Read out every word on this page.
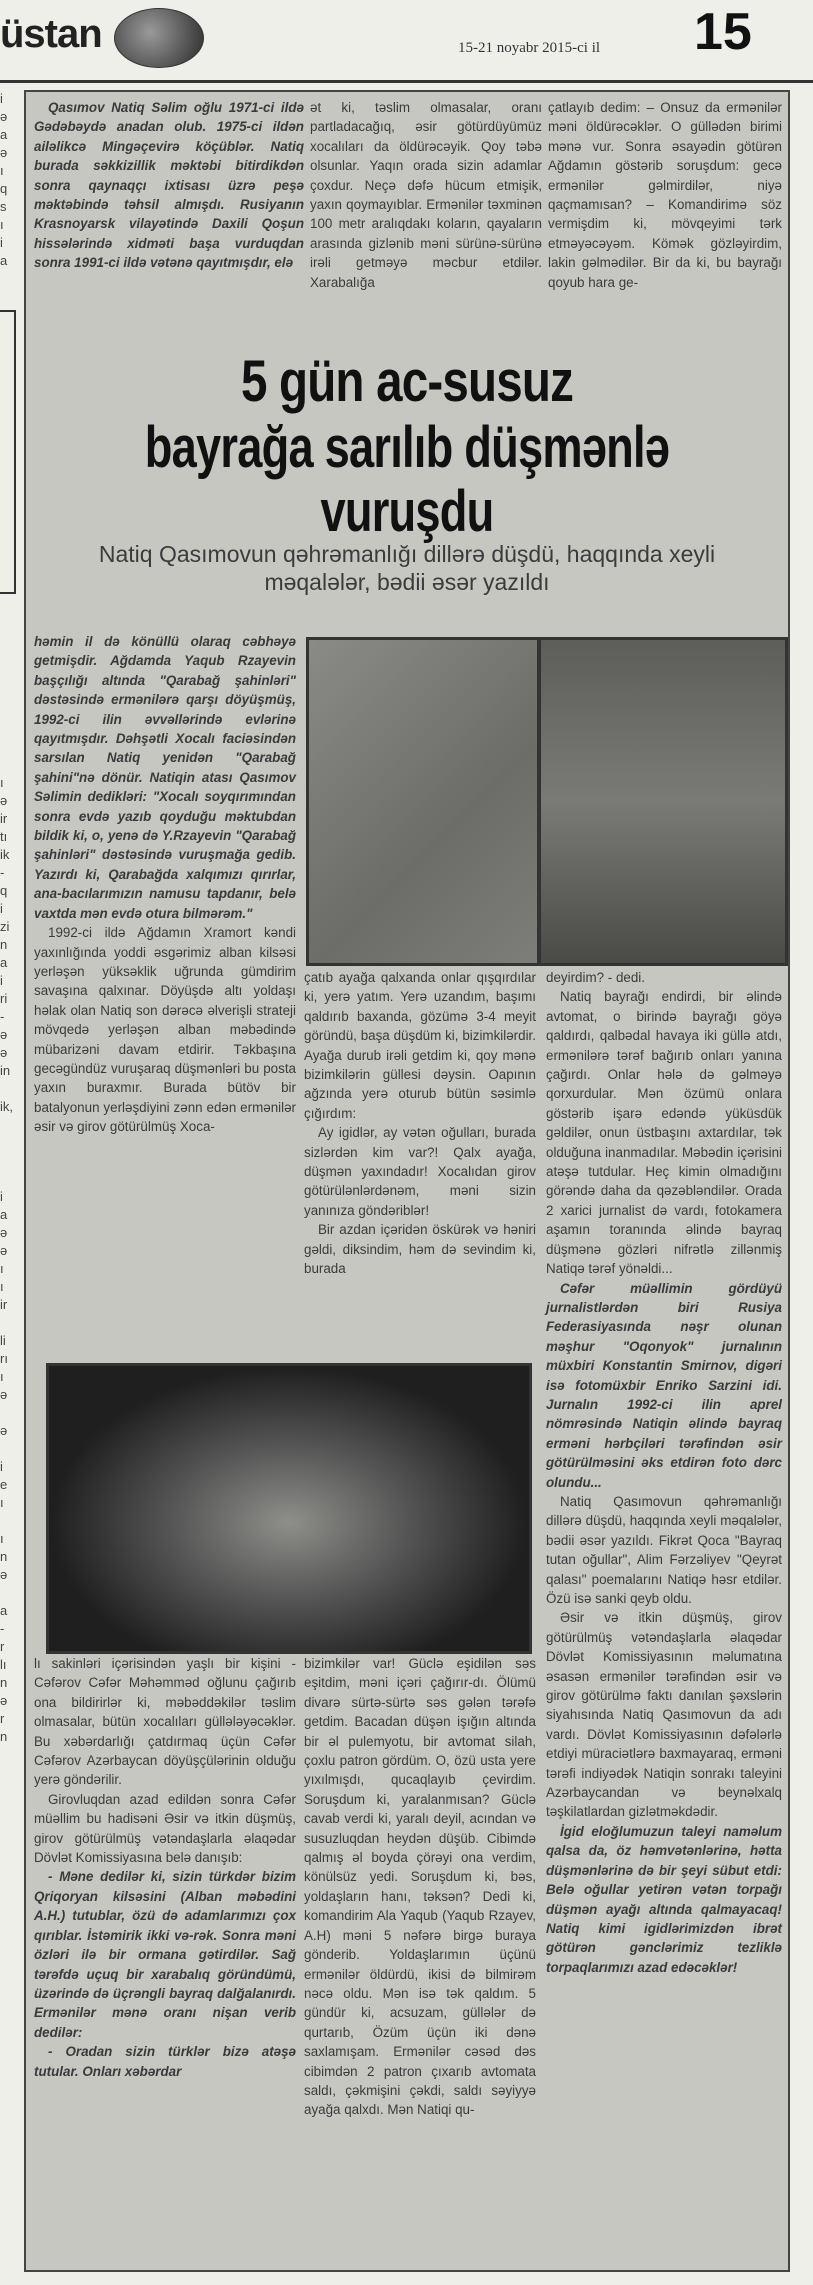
üstan	15-21 noyabr 2015-ci il 15
i
ə
a
ə
ı
q
s
ı
i
a

ı
ə
ir
tı
ik
-
q
i
zi
n
a
i
ri
-
ə
ə
in

ik,

i
a
ə
ə
ı
ı
ir

li
rı
ı
ə

ə

i
e
ı

ı
n
ə

a
-
r
lı
n
ə
r
n

Qasımov Natiq Səlim oğlu 1971-ci ildə Gədəbəydə anadan olub. 1975-ci ildən ailəlikcə Mingəçevirə köçüblər. Natiq burada səkkizillik məktəbi bitirdikdən sonra qaynaqçı ixtisası üzrə peşə məktəbində təhsil almışdı. Rusiyanın Krasnoyarsk vilayətində Daxili Qoşun hissələrində xidməti başa vurduqdan sonra 1991-ci ildə vətənə qayıtmışdır, elə

ət ki, təslim olmasalar, oranı partladacağıq, əsir götürdüyümüz xocalıları da öldürəcəyik. Qoy təbə olsunlar. Yaqın orada sizin adamlar çoxdur. Neçə dəfə hücum etmişik, yaxın qoymayıblar. Ermənilər təxminən 100 metr aralıqdakı koların, qayaların arasında gizlənib məni sürünə-sürünə irəli getməyə məcbur etdilər. Xarabalığa

çatlayıb dedim: – Onsuz da ermənilər məni öldürəcəklər. O güllədən birimi mənə vur. Sonra əsayədin götürən Ağdamın göstərib soruşdum: gecə ermənilər gəlmirdilər, niyə qaçmamısan? – Komandirimə söz vermişdim ki, mövqeyimi tərk etməyəcəyəm. Kömək gözləyirdim, lakin gəlmədilər. Bir da ki, bu bayrağı qoyub hara ge-

5 gün ac-susuz
bayrağa sarılıb düşmənlə vuruşdu
Natiq Qasımovun qəhrəmanlığı dillərə düşdü, haqqında xeyli məqalələr, bədii əsər yazıldı

həmin il də könüllü olaraq cəbhəyə getmişdir. Ağdamda Yaqub Rzayevin başçılığı altında "Qarabağ şahinləri" dəstəsində ermənilərə qarşı döyüşmüş, 1992-ci ilin əvvəllərində evlərinə qayıtmışdır. Dəhşətli Xocalı faciəsindən sarsılan Natiq yenidən "Qarabağ şahini"nə dönür. Natiqin atası Qasımov Səlimin dedikləri: "Xocalı soyqırımından sonra evdə yazıb qoyduğu məktubdan bildik ki, o, yenə də Y.Rzayevin "Qarabağ şahinləri" dəstəsində vuruşmağa gedib. Yazırdı ki, Qarabağda xalqımızı qırırlar, ana-bacılarımızın namusu tapdanır, belə vaxtda mən evdə otura bilmərəm."

1992-ci ildə Ağdamın Xramort kəndi yaxınlığında yoddi əsgərimiz alban kilsəsi yerləşən yüksəklik uğrunda gümdirim savaşına qalxınar. Döyüşdə altı yoldaşı həlak olan Natiq son dərəcə əlverişli strateji mövqedə yerləşən alban məbədində mübarizəni davam etdirir. Təkbaşına gecəgündüz vuruşaraq düşmənləri bu posta yaxın buraxmır. Burada bütöv bir batalyonun yerləşdiyini zənn edən ermənilər əsir və girov götürülmüş Xoca-

çatıb ayağa qalxanda onlar qışqırdılar ki, yerə yatım. Yerə uzandım, başımı qaldırıb baxanda, gözümə 3-4 meyit göründü, başa düşdüm ki, bizimkilərdir. Ayağa durub irəli getdim ki, qoy mənə bizimkilərin güllesi dəysin. Oapının ağzında yerə oturub bütün səsimlə çığırdım:

Ay igidlər, ay vətən oğulları, burada sizlərdən kim var?! Qalx ayağa, düşmən yaxındadır! Xocalıdan girov götürülənlərdənəm, məni sizin yanınıza göndəriblər!

Bir azdan içəridən öskürək və həniri gəldi, diksindim, həm də sevindim ki, burada

deyirdim? - dedi.

Natiq bayrağı endirdi, bir əlində avtomat, o birində bayrağı göyə qaldırdı, qalbədal havaya iki güllə atdı, ermənilərə tərəf bağırıb onları yanına çağırdı. Onlar hələ də gəlməyə qorxurdular. Mən özümü onlara göstərib işarə edəndə yüküsdük gəldilər, onun üstbaşını axtardılar, tək olduğuna inanmadılar. Məbədin içərisini atəşə tutdular. Heç kimin olmadığını görəndə daha da qəzəbləndilər. Orada 2 xarici jurnalist də vardı, fotokamera aşamın toranında əlində bayraq düşmənə gözləri nifrətlə zillənmiş Natiqə tərəf yönəldi...

Cəfər müəllimin gördüyü jurnalistlərdən biri Rusiya Federasiyasında nəşr olunan məşhur "Oqonyok" jurnalının müxbiri Konstantin Smirnov, digəri isə fotomüxbir Enriko Sarzini idi. Jurnalın 1992-ci ilin aprel nömrəsində Natiqin əlində bayraq erməni hərbçiləri tərəfindən əsir götürülməsini əks etdirən foto dərc olundu...

Natiq Qasımovun qəhrəmanlığı dillərə düşdü, haqqında xeyli məqalələr, bədii əsər yazıldı. Fikrət Qoca "Bayraq tutan oğullar", Alim Fərzəliyev "Qeyrət qalası" poemalarını Natiqə həsr etdilər. Özü isə sanki qeyb oldu.

Əsir və itkin düşmüş, girov götürülmüş vətəndaşlarla əlaqədar Dövlət Komissiyasının məlumatına əsasən ermənilər tərəfindən əsir və girov götürülmə faktı danılan şəxslərin siyahısında Natiq Qasımovun da adı vardı. Dövlət Komissiyasının dəfələrlə etdiyi müraciətlərə baxmayaraq, erməni tərəfi indiyədək Natiqin sonrakı taleyini Azərbaycandan və beynəlxalq təşkilatlardan gizlətməkdədir.

İgid eloğlumuzun taleyi naməlum qalsa da, öz həmvətənlərinə, hətta düşmənlərinə də bir şeyi sübut etdi: Belə oğullar yetirən vətən torpağı düşmən ayağı altında qalmayacaq! Natiq kimi igidlərimizdən ibrət götürən gənclərimiz tezliklə torpaqlarımızı azad edəcəklər!

lı sakinləri içərisindən yaşlı bir kişini - Cəfərov Cəfər Məhəmməd oğlunu çağırıb ona bildirirlər ki, məbəddəkilər təslim olmasalar, bütün xocalıları güllələyəcəklər. Bu xəbərdarlığı çatdırmaq üçün Cəfər Cəfərov Azərbaycan döyüşçülərinin olduğu yerə göndərilir.

Girovluqdan azad edildən sonra Cəfər müəllim bu hadisəni Əsir və itkin düşmüş, girov götürülmüş vətəndaşlarla əlaqədar Dövlət Komissiyasına belə danışıb:

- Məne dedilər ki, sizin türkdər bizim Qriqoryan kilsəsini (Alban məbədini A.H.) tutublar, özü də adamlarımızı çox qırıblar. İstəmirik ikki və-rək. Sonra məni özləri ilə bir ormana gətirdilər. Sağ tərəfdə uçuq bir xarabalıq göründümü, üzərində də üçrəngli bayraq dalğalanırdı. Ermənilər mənə oranı nişan verib dedilər:

- Oradan sizin türklər bizə atəşə tutular. Onları xəbərdar

bizimkilər var! Güclə eşidilən səs eşitdim, məni içəri çağırır-dı. Ölümü divarə sürtə-sürtə səs gələn tərəfə getdim. Bacadan düşən işığın altında bir əl pulemyotu, bir avtomat silah, çoxlu patron gördüm. O, özü usta yere yıxılmışdı, qucaqlayıb çevirdim. Soruşdum ki, yaralanmısan? Güclə cavab verdi ki, yaralı deyil, acından və susuzluqdan heydən düşüb. Cibimdə qalmış əl boyda çörəyi ona verdim, könülsüz yedi. Soruşdum ki, bəs, yoldaşların hanı, təksən? Dedi ki, komandirim Ala Yaqub (Yaqub Rzayev, A.H) məni 5 nəfərə birgə buraya gönderib. Yoldaşlarımın üçünü ermənilər öldürdü, ikisi də bilmirəm nəcə oldu. Mən isə tək qaldım. 5 gündür ki, acsuzam, güllələr də qurtarıb, Özüm üçün iki dənə saxlamışam. Ermənilər cəsəd dəs cibimdən 2 patron çıxarıb avtomata saldı, çəkmişini çəkdi, saldı səyiyyə ayağa qalxdı. Mən Natiqi qu-
